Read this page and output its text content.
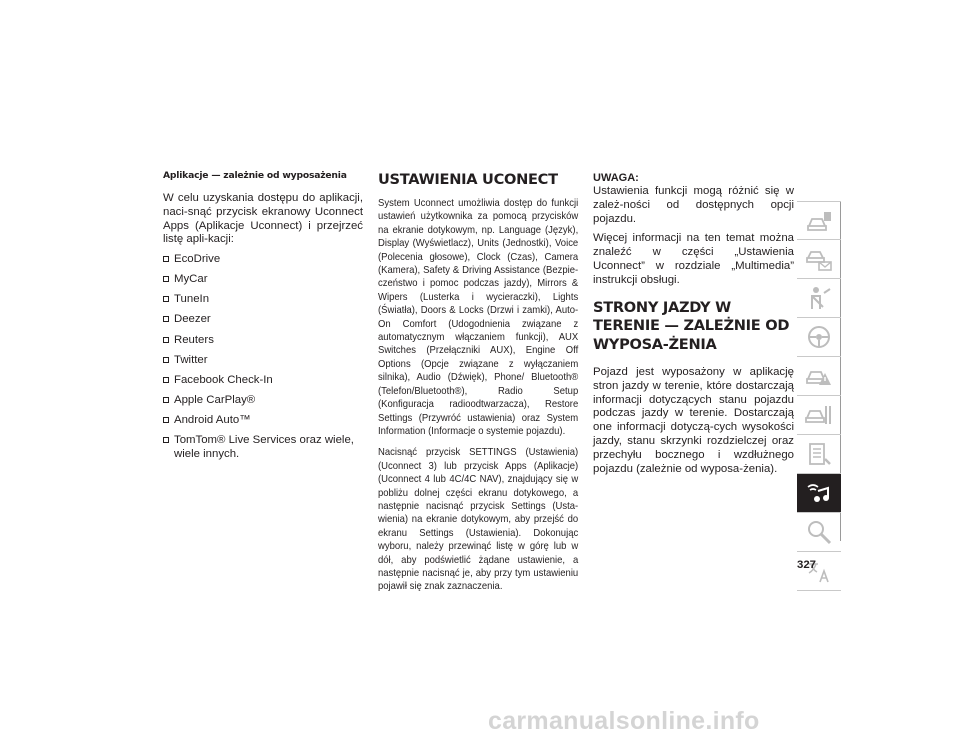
Aplikacje — zależnie od wyposażenia

W celu uzyskania dostępu do aplikacji, naci-snąć przycisk ekranowy Uconnect Apps (Aplikacje Uconnect) i przejrzeć listę apli-kacji:

EcoDrive
MyCar
TuneIn
Deezer
Reuters
Twitter
Facebook Check-In
Apple CarPlay®
Android Auto™
TomTom® Live Services oraz wiele, wiele innych.
USTAWIENIA UCONECT

System Uconnect umożliwia dostęp do funkcji ustawień użytkownika za pomocą przycisków na ekranie dotykowym, np. Language (Język), Display (Wyświetlacz), Units (Jednostki), Voice (Polecenia głosowe), Clock (Czas), Camera (Kamera), Safety & Driving Assistance (Bezpie-czeństwo i pomoc podczas jazdy), Mirrors & Wipers (Lusterka i wycieraczki), Lights (Światła), Doors & Locks (Drzwi i zamki), Auto-On Comfort (Udogodnienia związane z automatycznym włączaniem funkcji), AUX Switches (Przełączniki AUX), Engine Off Options (Opcje związane z wyłączaniem silnika), Audio (Dźwięk), Phone/ Bluetooth® (Telefon/Bluetooth®), Radio Setup (Konfiguracja radioodtwarzacza), Restore Settings (Przywróć ustawienia) oraz System Information (Informacje o systemie pojazdu).

Nacisnąć przycisk SETTINGS (Ustawienia) (Uconnect 3) lub przycisk Apps (Aplikacje) (Uconnect 4 lub 4C/4C NAV), znajdujący się w pobliżu dolnej części ekranu dotykowego, a następnie nacisnąć przycisk Settings (Usta-wienia) na ekranie dotykowym, aby przejść do ekranu Settings (Ustawienia). Dokonując wyboru, należy przewinąć listę w górę lub w dół, aby podświetlić żądane ustawienie, a następnie nacisnąć je, aby przy tym ustawieniu pojawił się znak zaznaczenia.

UWAGA:

Ustawienia funkcji mogą różnić się w zależ-ności od dostępnych opcji pojazdu.

Więcej informacji na ten temat można znaleźć w części „Ustawienia Uconnect” w rozdziale „Multimedia” instrukcji obsługi.

STRONY JAZDY W TERENIE — ZALEŻNIE OD WYPOSA-ŻENIA

Pojazd jest wyposażony w aplikację stron jazdy w terenie, które dostarczają informacji dotyczących stanu pojazdu podczas jazdy w terenie. Dostarczają one informacji dotyczą-cych wysokości jazdy, stanu skrzynki rozdzielczej oraz przechyłu bocznego i wzdłużnego pojazdu (zależnie od wyposa-żenia).

327
carmanualsonline.info
